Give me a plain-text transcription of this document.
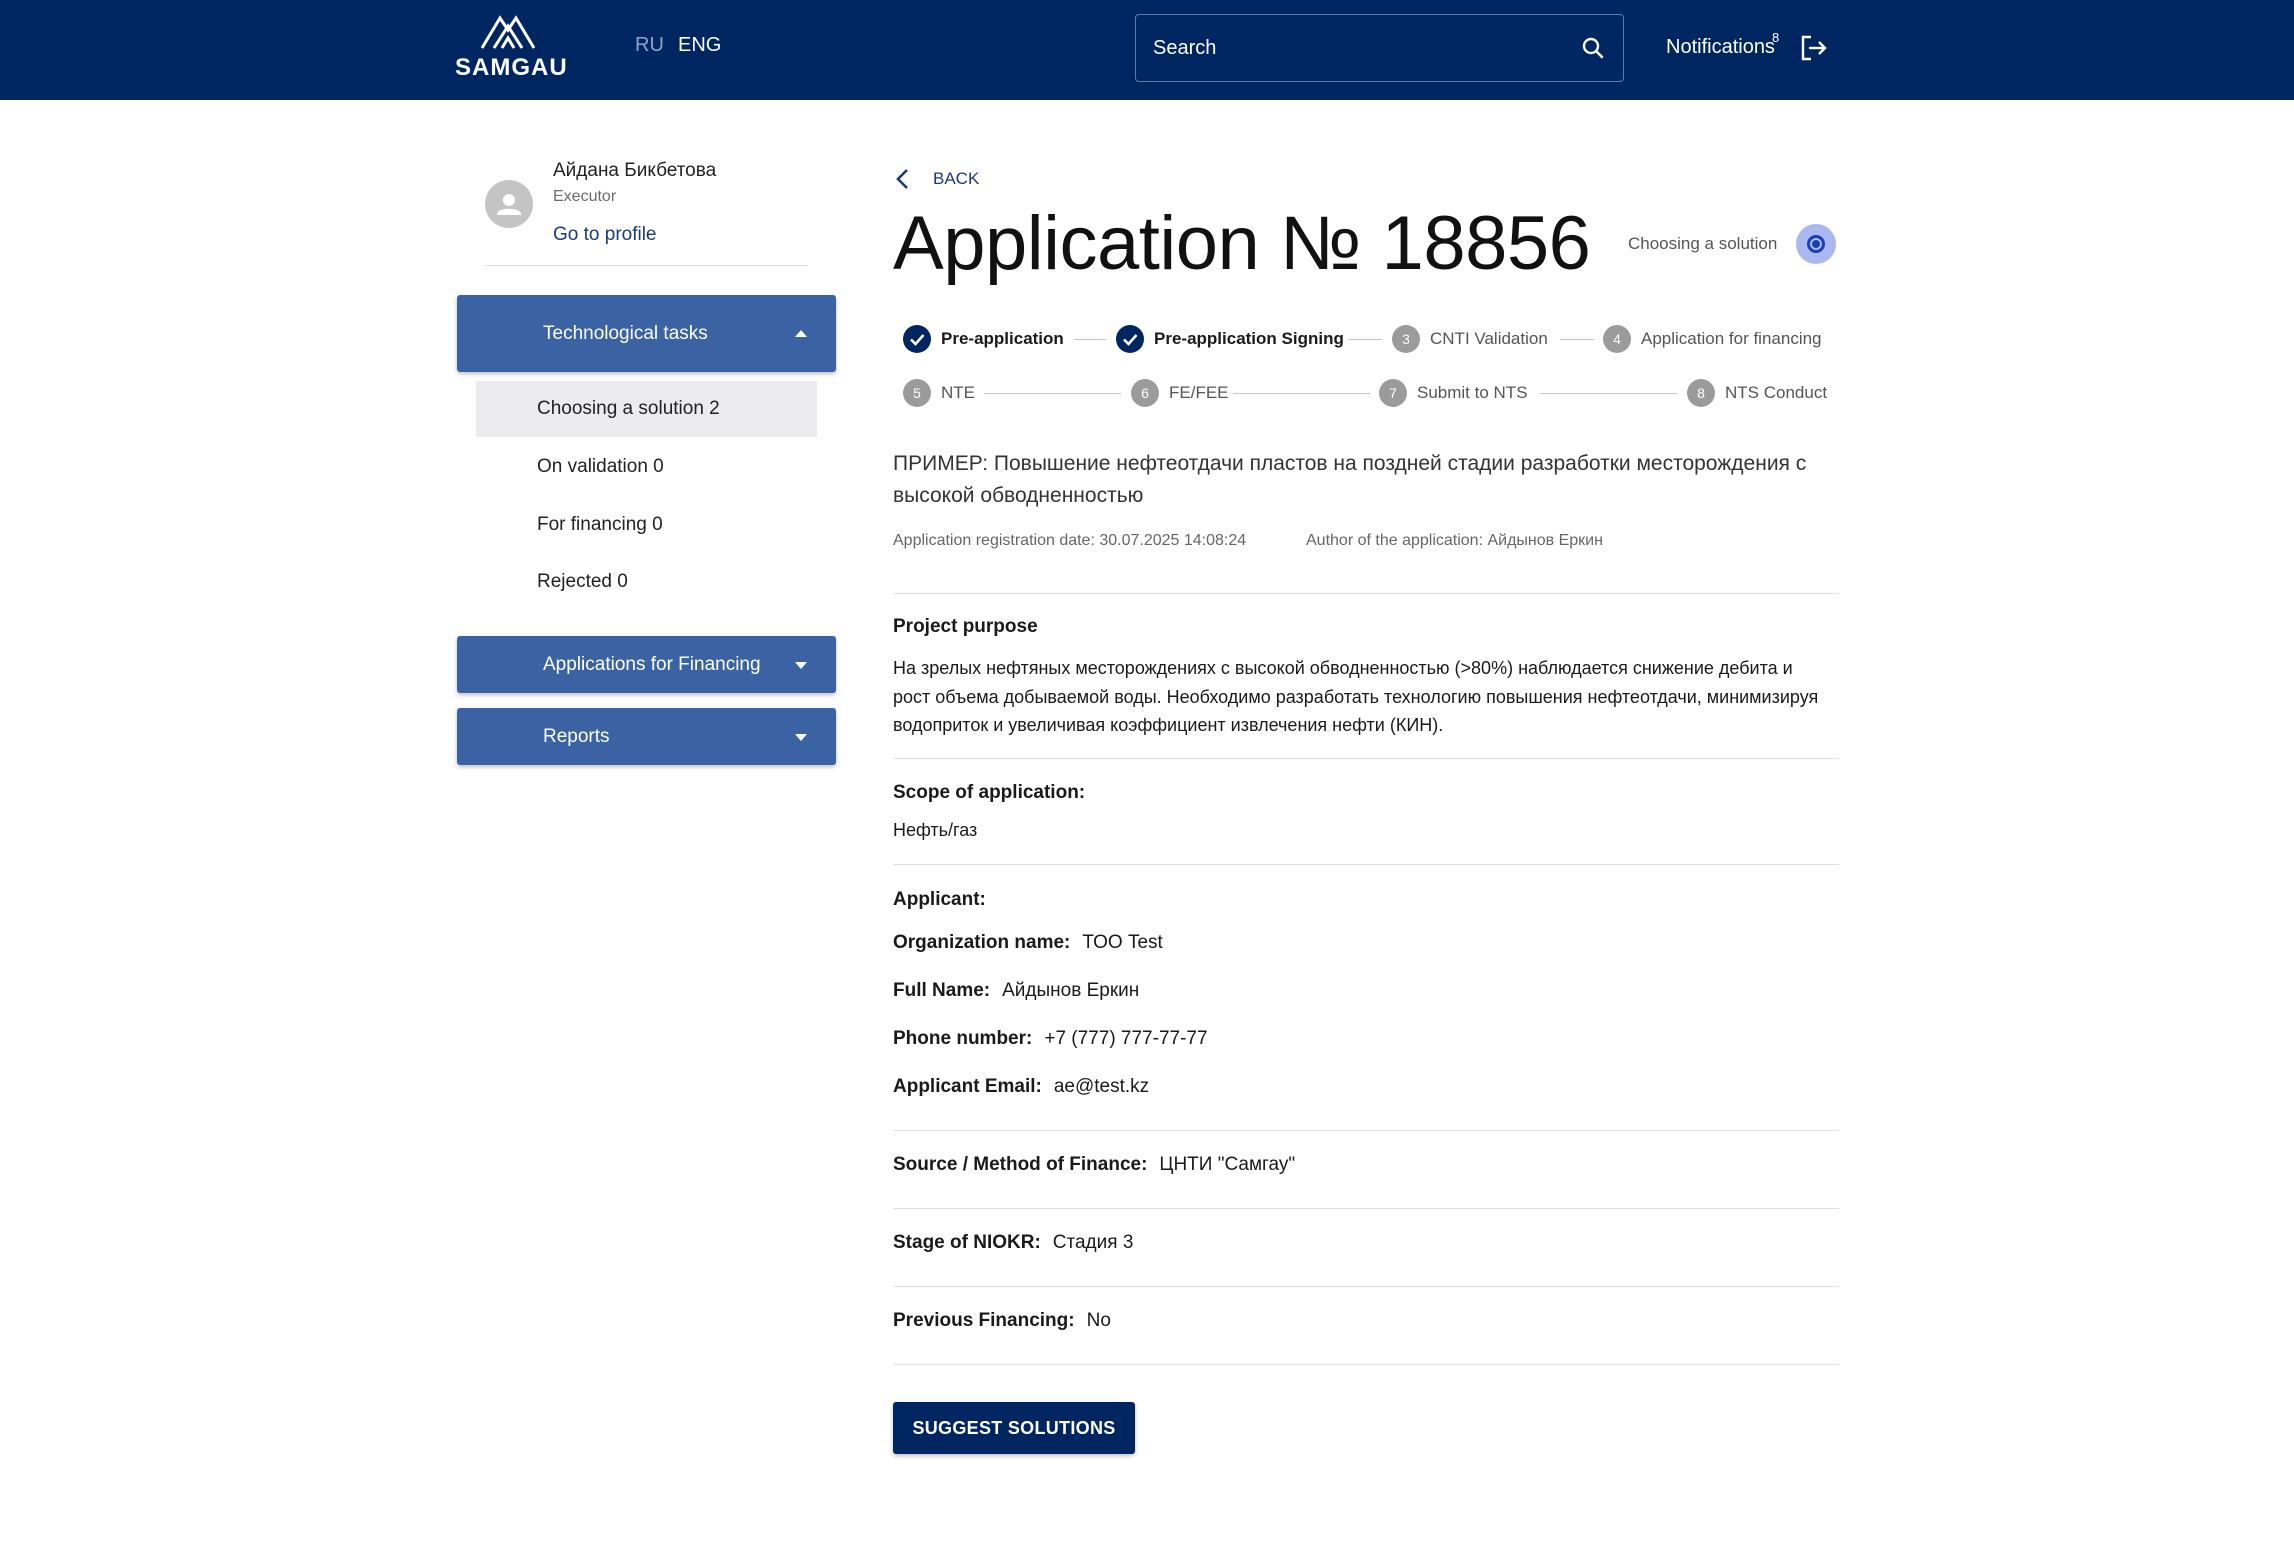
SAMGAU
RU ENG	Search	Notifications
8
Айдана Бикбетова
Executor
Go to profile
Technological tasks
Choosing a solution 2
On validation 0
For financing 0
Rejected 0
Applications for Financing
Reports
BACK
Application № 18856 Choosing a solution
Pre-application	Pre-application Signing	3	CNTI Validation	4	Application for financing
5	NTE	6	FE/FEE	7	Submit to NTS	8	NTS Conduct
ПРИМЕР: Повышение нефтеотдачи пластов на поздней стадии разработки месторождения с высокой обводненностью
Application registration date: 30.07.2025 14:08:24	Author of the application: Айдынов Еркин
Project purpose
На зрелых нефтяных месторождениях с высокой обводненностью (>80%) наблюдается снижение дебита и рост объема добываемой воды. Необходимо разработать технологию повышения нефтеотдачи, минимизируя водоприток и увеличивая коэффициент извлечения нефти (КИН).
Scope of application:
Нефть/газ
Applicant:
Organization name: ТОО Test
Full Name: Айдынов Еркин
Phone number: +7 (777) 777-77-77
Applicant Email: ae@test.kz
Source / Method of Finance: ЦНТИ "Самгау"
Stage of NIOKR: Стадия 3
Previous Financing: No
SUGGEST SOLUTIONS
